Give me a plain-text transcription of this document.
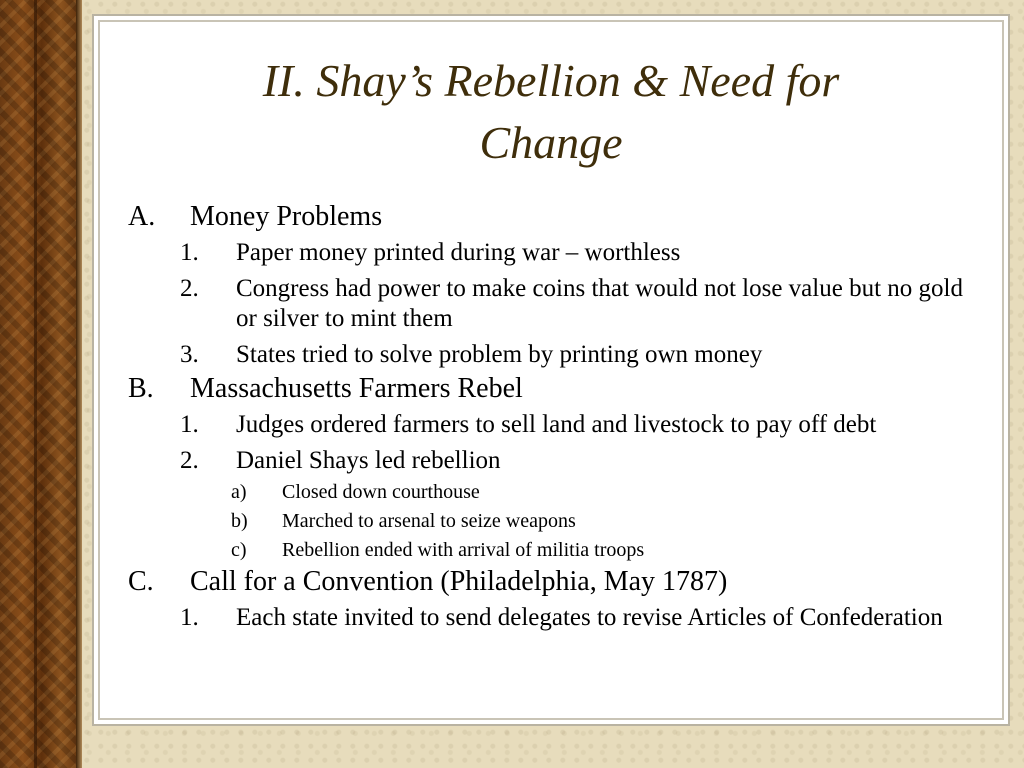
II. Shay’s Rebellion & Need for
Change
A. Money Problems
1. Paper money printed during war – worthless
2. Congress had power to make coins that would not lose value but no gold or silver to mint them
3. States tried to solve problem by printing own money
B. Massachusetts Farmers Rebel
1. Judges ordered farmers to sell land and livestock to pay off debt
2. Daniel Shays led rebellion
a) Closed down courthouse
b) Marched to arsenal to seize weapons
c) Rebellion ended with arrival of militia troops
C. Call for a Convention (Philadelphia, May 1787)
1. Each state invited to send delegates to revise Articles of Confederation
